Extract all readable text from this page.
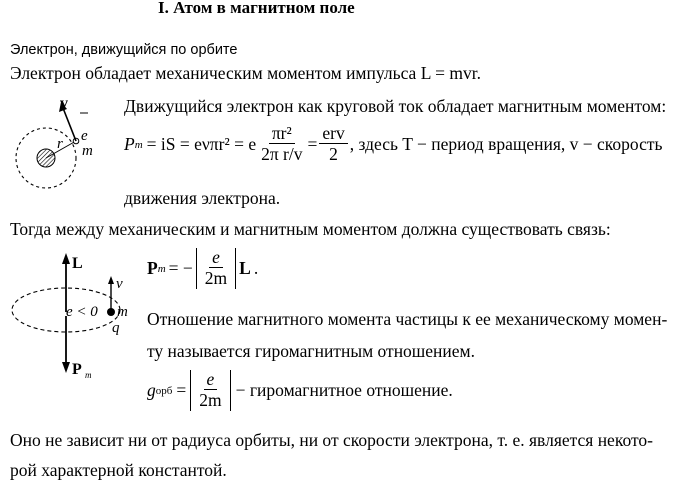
I. Атом в магнитном поле
Электрон, движущийся по орбите
Электрон обладает механическим моментом импульса L = mvr.
v
e
r m
Движущийся электрон как круговой ток обладает магнитным моментом:
P m = iS = eνπr² = e $\frac{\text{πr²}}{\text{2π r/v}} = \frac{\text{erv}}{2}$ , здесь T − период вращения, v − скорость
движения электрона.
Тогда между механическим и магнитным моментом должна существовать связь:
L
v
e < 0 m
q
P m
P m = − $\frac{e}{2m}$ L .
Отношение магнитного момента частицы к ее механическому момен-
ту называется гиромагнитным отношением.
g орб = $\frac{e}{2m}$ − гиромагнитное отношение.
Оно не зависит ни от радиуса орбиты, ни от скорости электрона, т. е. является некото-
рой характерной константой.
